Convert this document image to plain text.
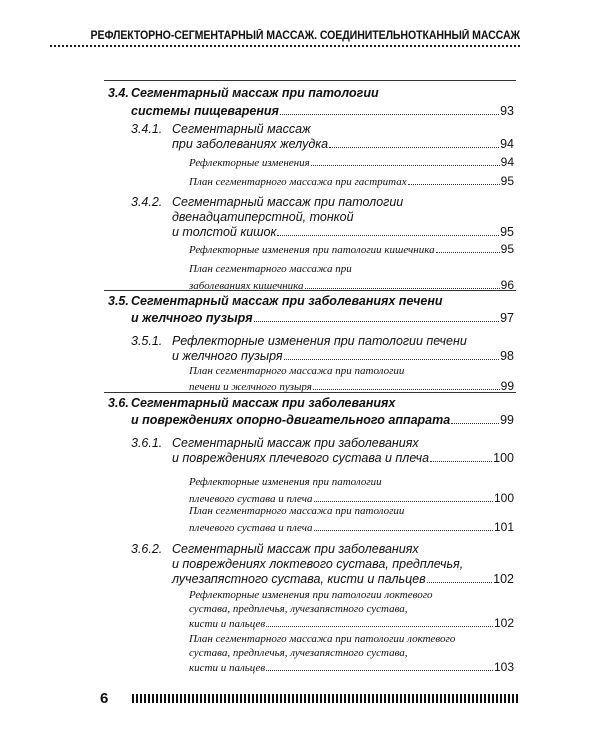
РЕФЛЕКТОРНО-СЕГМЕНТАРНЫЙ МАССАЖ. СОЕДИНИТЕЛЬНОТКАННЫЙ МАССАЖ
3.4. Сегментарный массаж при патологии
системы пищеварения	93
3.4.1. Сегментарный массаж
при заболеваниях желудка	94
Рефлекторные изменения	94
План сегментарного массажа при гастритах	95
3.4.2. Сегментарный массаж при патологии
двенадцатиперстной, тонкой
и толстой кишок	95
Рефлекторные изменения при патологии кишечника	95
План сегментарного массажа при
заболеваниях кишечника	96
3.5. Сегментарный массаж при заболеваниях печени
и желчного пузыря	97
3.5.1. Рефлекторные изменения при патологии печени
и желчного пузыря	98
План сегментарного массажа при патологии
печени и желчного пузыря	99
3.6. Сегментарный массаж при заболеваниях
и повреждениях опорно-двигательного аппарата	99
3.6.1. Сегментарный массаж при заболеваниях
и повреждениях плечевого сустава и плеча	100
Рефлекторные изменения при патологии
плечевого сустава и плеча	100
План сегментарного массажа при патологии
плечевого сустава и плеча	101
3.6.2. Сегментарный массаж при заболеваниях
и повреждениях локтевого сустава, предплечья,
лучезапястного сустава, кисти и пальцев	102
Рефлекторные изменения при патологии локтевого
сустава, предплечья, лучезапястного сустава,
кисти и пальцев	102
План сегментарного массажа при патологии локтевого
сустава, предплечья, лучезапястного сустава,
кисти и пальцев	103
6
